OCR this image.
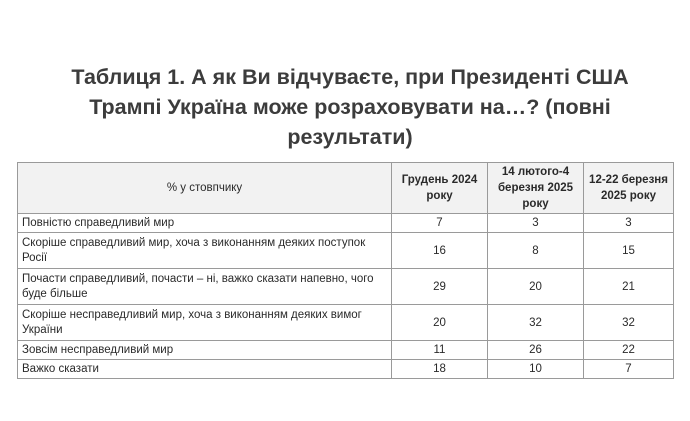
Таблиця 1. А як Ви відчуваєте, при Президенті США Трампі Україна може розраховувати на…? (повні результати)
% у стовпчику	Грудень 2024 року	14 лютого-4 березня 2025 року	12-22 березня 2025 року
Повністю справедливий мир	7	3	3
Скоріше справедливий мир, хоча з виконанням деяких поступок Росії	16	8	15
Почасти справедливий, почасти – ні, важко сказати напевно, чого буде більше	29	20	21
Скоріше несправедливий мир, хоча з виконанням деяких вимог України	20	32	32
Зовсім несправедливий мир	11	26	22
Важко сказати	18	10	7
